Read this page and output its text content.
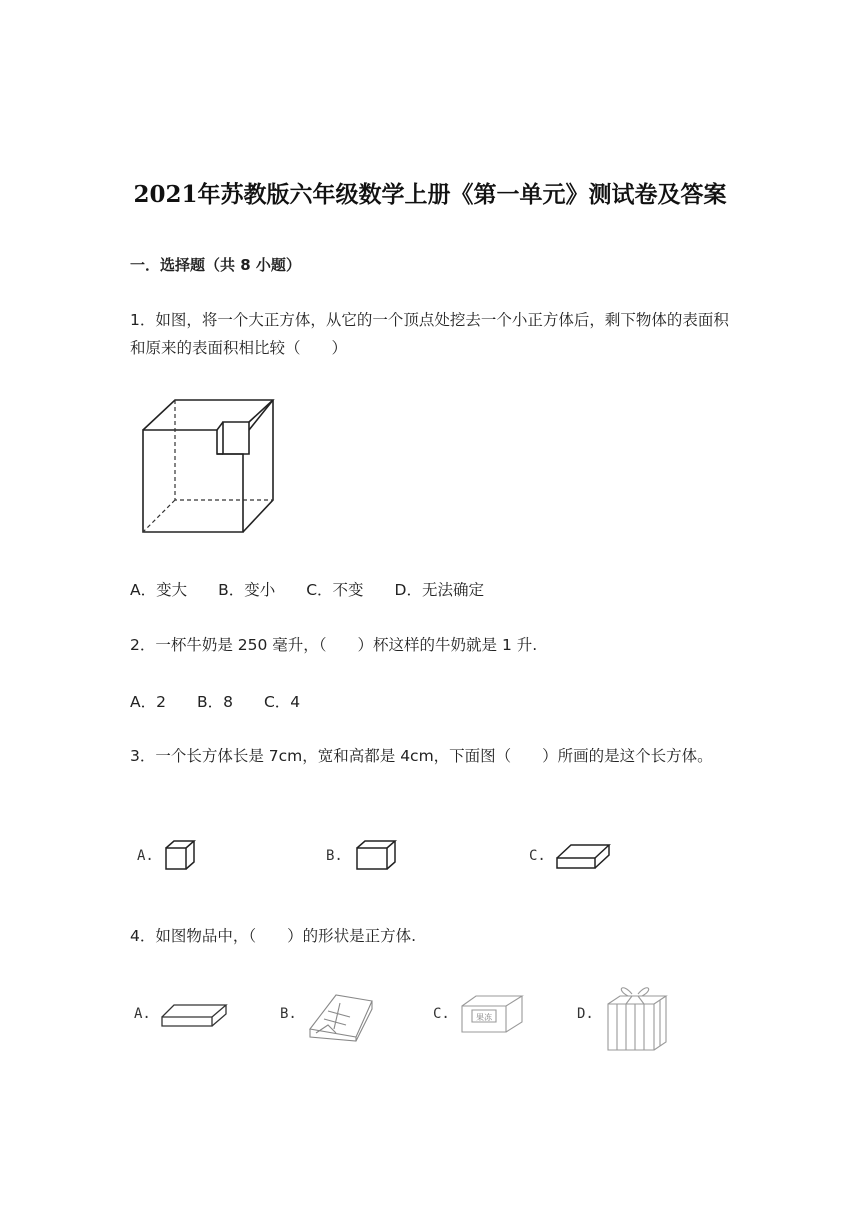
2021年苏教版六年级数学上册《第一单元》测试卷及答案
一．选择题（共 8 小题）
1．如图，将一个大正方体，从它的一个顶点处挖去一个小正方体后，剩下物体的表面积和原来的表面积相比较（　　）
A．变大　　B．变小　　C．不变　　D．无法确定
2．一杯牛奶是 250 毫升，（　　）杯这样的牛奶就是 1 升.
A．2　　B．8　　C．4
3．一个长方体长是 7cm，宽和高都是 4cm，下面图（　　）所画的是这个长方体。
A.	B.	C.
4．如图物品中，（　　）的形状是正方体.
A.	B.	C.	果冻	D.
